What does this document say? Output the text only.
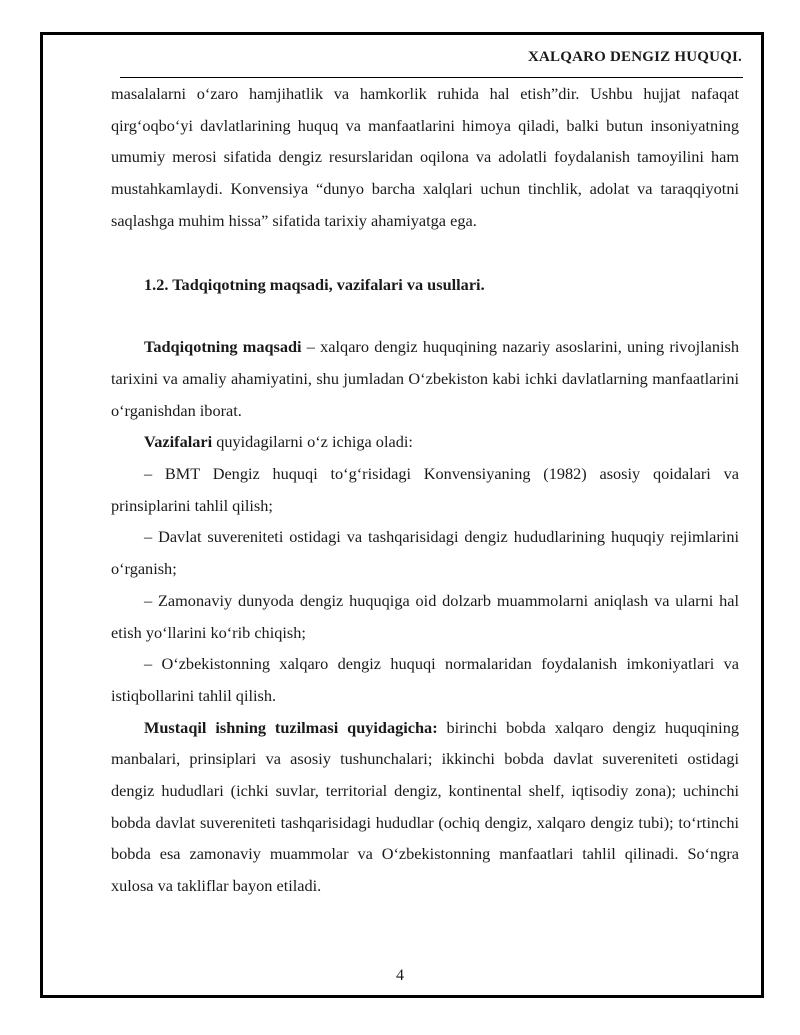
XALQARO DENGIZ HUQUQI.

masalalarni o‘zaro hamjihatlik va hamkorlik ruhida hal etish”dir. Ushbu hujjat nafaqat qirg‘oqbo‘yi davlatlarining huquq va manfaatlarini himoya qiladi, balki butun insoniyatning umumiy merosi sifatida dengiz resurslaridan oqilona va adolatli foydalanish tamoyilini ham mustahkamlaydi. Konvensiya “dunyo barcha xalqlari uchun tinchlik, adolat va taraqqiyotni saqlashga muhim hissa” sifatida tarixiy ahamiyatga ega.

1.2. Tadqiqotning maqsadi, vazifalari va usullari.

Tadqiqotning maqsadi – xalqaro dengiz huquqining nazariy asoslarini, uning rivojlanish tarixini va amaliy ahamiyatini, shu jumladan O‘zbekiston kabi ichki davlatlarning manfaatlarini o‘rganishdan iborat.

Vazifalari quyidagilarni o‘z ichiga oladi:

– BMT Dengiz huquqi to‘g‘risidagi Konvensiyaning (1982) asosiy qoidalari va prinsiplarini tahlil qilish;

– Davlat suvereniteti ostidagi va tashqarisidagi dengiz hududlarining huquqiy rejimlarini o‘rganish;

– Zamonaviy dunyoda dengiz huquqiga oid dolzarb muammolarni aniqlash va ularni hal etish yo‘llarini ko‘rib chiqish;

– O‘zbekistonning xalqaro dengiz huquqi normalaridan foydalanish imkoniyatlari va istiqbollarini tahlil qilish.

Mustaqil ishning tuzilmasi quyidagicha: birinchi bobda xalqaro dengiz huquqining manbalari, prinsiplari va asosiy tushunchalari; ikkinchi bobda davlat suvereniteti ostidagi dengiz hududlari (ichki suvlar, territorial dengiz, kontinental shelf, iqtisodiy zona); uchinchi bobda davlat suvereniteti tashqarisidagi hududlar (ochiq dengiz, xalqaro dengiz tubi); to‘rtinchi bobda esa zamonaviy muammolar va O‘zbekistonning manfaatlari tahlil qilinadi. So‘ngra xulosa va takliflar bayon etiladi.

4
